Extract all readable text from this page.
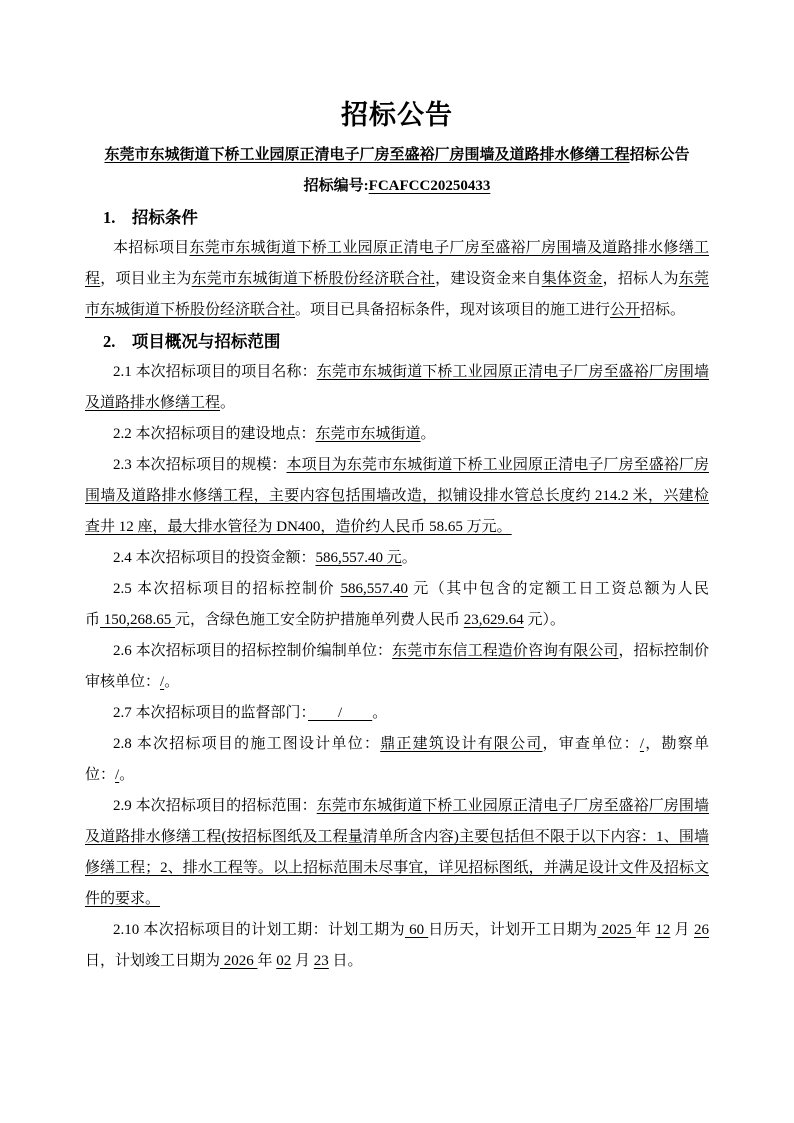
招标公告
东莞市东城街道下桥工业园原正清电子厂房至盛裕厂房围墙及道路排水修缮工程招标公告
招标编号:FCAFCC20250433
1.　招标条件

本招标项目东莞市东城街道下桥工业园原正清电子厂房至盛裕厂房围墙及道路排水修缮工程，项目业主为东莞市东城街道下桥股份经济联合社，建设资金来自集体资金，招标人为东莞市东城街道下桥股份经济联合社。项目已具备招标条件，现对该项目的施工进行公开招标。

2.　项目概况与招标范围

2.1 本次招标项目的项目名称：东莞市东城街道下桥工业园原正清电子厂房至盛裕厂房围墙及道路排水修缮工程。

2.2 本次招标项目的建设地点：东莞市东城街道。

2.3 本次招标项目的规模：本项目为东莞市东城街道下桥工业园原正清电子厂房至盛裕厂房围墙及道路排水修缮工程，主要内容包括围墙改造，拟铺设排水管总长度约 214.2 米，兴建检查井 12 座，最大排水管径为 DN400，造价约人民币 58.65 万元。

2.4 本次招标项目的投资金额：586,557.40 元。

2.5 本次招标项目的招标控制价 586,557.40 元（其中包含的定额工日工资总额为人民币 150,268.65 元，含绿色施工安全防护措施单列费人民币 23,629.64 元）。

2.6 本次招标项目的招标控制价编制单位：东莞市东信工程造价咨询有限公司，招标控制价审核单位：/。

2.7 本次招标项目的监督部门：　　/　　。

2.8 本次招标项目的施工图设计单位：鼎正建筑设计有限公司，审查单位：/，勘察单位：/。

2.9 本次招标项目的招标范围：东莞市东城街道下桥工业园原正清电子厂房至盛裕厂房围墙及道路排水修缮工程(按招标图纸及工程量清单所含内容)主要包括但不限于以下内容：1、围墙修缮工程；2、排水工程等。以上招标范围未尽事宜，详见招标图纸，并满足设计文件及招标文件的要求。

2.10 本次招标项目的计划工期：计划工期为 60 日历天，计划开工日期为 2025 年 12 月 26 日，计划竣工日期为 2026 年 02 月 23 日。
